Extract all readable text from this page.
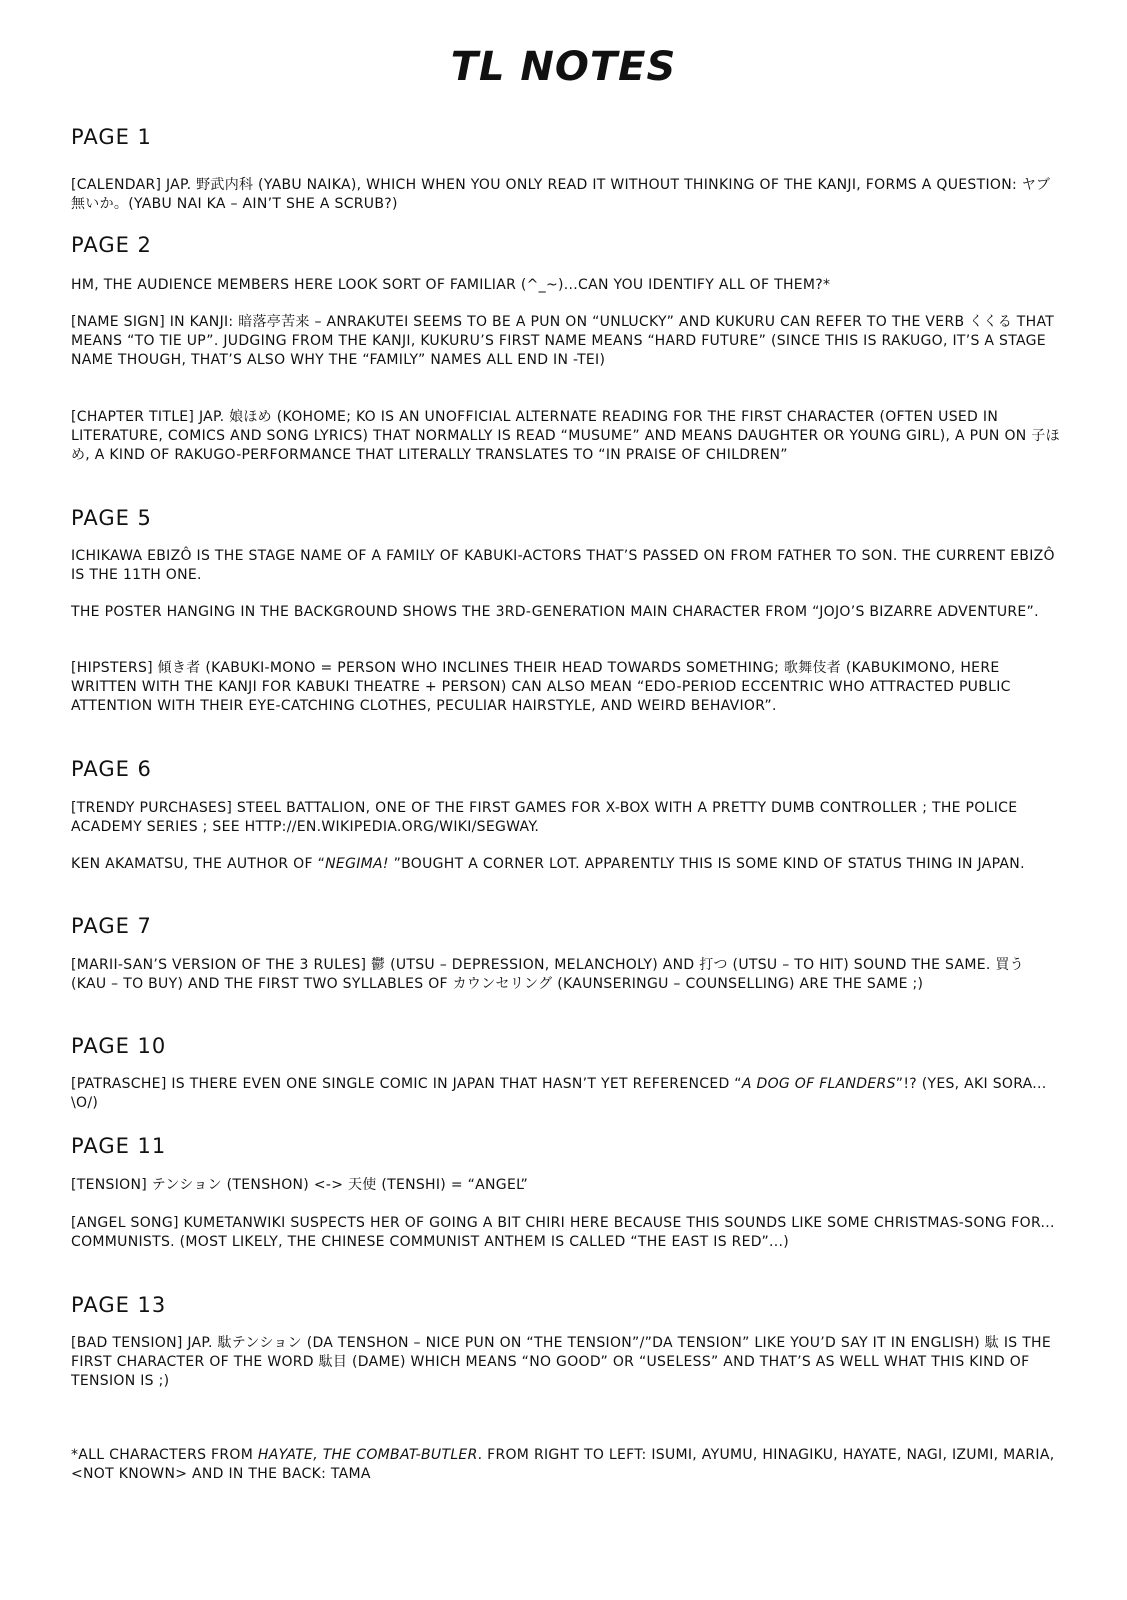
TL NOTES
PAGE 1

[CALENDAR] JAP. 野武内科 (YABU NAIKA), WHICH WHEN YOU ONLY READ IT WITHOUT THINKING OF THE KANJI, FORMS A QUESTION: ヤブ無いか。(YABU NAI KA – AIN’T SHE A SCRUB?)

PAGE 2

HM, THE AUDIENCE MEMBERS HERE LOOK SORT OF FAMILIAR (^_~)...CAN YOU IDENTIFY ALL OF THEM?*

[NAME SIGN] IN KANJI: 暗落亭苦来 – ANRAKUTEI SEEMS TO BE A PUN ON “UNLUCKY” AND KUKURU CAN REFER TO THE VERB くくる THAT MEANS “TO TIE UP”. JUDGING FROM THE KANJI, KUKURU’S FIRST NAME MEANS “HARD FUTURE” (SINCE THIS IS RAKUGO, IT’S A STAGE NAME THOUGH, THAT’S ALSO WHY THE “FAMILY” NAMES ALL END IN -TEI)

[CHAPTER TITLE] JAP. 娘ほめ (KOHOME; KO IS AN UNOFFICIAL ALTERNATE READING FOR THE FIRST CHARACTER (OFTEN USED IN LITERATURE, COMICS AND SONG LYRICS) THAT NORMALLY IS READ “MUSUME” AND MEANS DAUGHTER OR YOUNG GIRL), A PUN ON 子ほめ, A KIND OF RAKUGO-PERFORMANCE THAT LITERALLY TRANSLATES TO “IN PRAISE OF CHILDREN”

PAGE 5

ICHIKAWA EBIZÔ IS THE STAGE NAME OF A FAMILY OF KABUKI-ACTORS THAT’S PASSED ON FROM FATHER TO SON. THE CURRENT EBIZÔ IS THE 11TH ONE.

THE POSTER HANGING IN THE BACKGROUND SHOWS THE 3RD-GENERATION MAIN CHARACTER FROM “JOJO’S BIZARRE ADVENTURE”.

[HIPSTERS] 傾き者 (KABUKI-MONO = PERSON WHO INCLINES THEIR HEAD TOWARDS SOMETHING; 歌舞伎者 (KABUKIMONO, HERE WRITTEN WITH THE KANJI FOR KABUKI THEATRE + PERSON) CAN ALSO MEAN “EDO-PERIOD ECCENTRIC WHO ATTRACTED PUBLIC ATTENTION WITH THEIR EYE-CATCHING CLOTHES, PECULIAR HAIRSTYLE, AND WEIRD BEHAVIOR”.

PAGE 6

[TRENDY PURCHASES] STEEL BATTALION, ONE OF THE FIRST GAMES FOR X-BOX WITH A PRETTY DUMB CONTROLLER ; THE POLICE ACADEMY SERIES ; SEE HTTP://EN.WIKIPEDIA.ORG/WIKI/SEGWAY.

KEN AKAMATSU, THE AUTHOR OF “NEGIMA! ”BOUGHT A CORNER LOT. APPARENTLY THIS IS SOME KIND OF STATUS THING IN JAPAN.

PAGE 7

[MARII-SAN’S VERSION OF THE 3 RULES] 鬱 (UTSU – DEPRESSION, MELANCHOLY) AND 打つ (UTSU – TO HIT) SOUND THE SAME. 買う (KAU – TO BUY) AND THE FIRST TWO SYLLABLES OF カウンセリング (KAUNSERINGU – COUNSELLING) ARE THE SAME ;)

PAGE 10

[PATRASCHE] IS THERE EVEN ONE SINGLE COMIC IN JAPAN THAT HASN’T YET REFERENCED “A DOG OF FLANDERS”!? (YES, AKI SORA... \O/)

PAGE 11

[TENSION] テンション (TENSHON) <-> 天使 (TENSHI) = “ANGEL”

[ANGEL SONG] KUMETANWIKI SUSPECTS HER OF GOING A BIT CHIRI HERE BECAUSE THIS SOUNDS LIKE SOME CHRISTMAS-SONG FOR... COMMUNISTS. (MOST LIKELY, THE CHINESE COMMUNIST ANTHEM IS CALLED “THE EAST IS RED”...)

PAGE 13

[BAD TENSION] JAP. 駄テンション (DA TENSHON – NICE PUN ON “THE TENSION”/”DA TENSION” LIKE YOU’D SAY IT IN ENGLISH) 駄 IS THE FIRST CHARACTER OF THE WORD 駄目 (DAME) WHICH MEANS “NO GOOD” OR “USELESS” AND THAT’S AS WELL WHAT THIS KIND OF TENSION IS ;)

*ALL CHARACTERS FROM HAYATE, THE COMBAT-BUTLER. FROM RIGHT TO LEFT: ISUMI, AYUMU, HINAGIKU, HAYATE, NAGI, IZUMI, MARIA, <NOT KNOWN> AND IN THE BACK: TAMA
